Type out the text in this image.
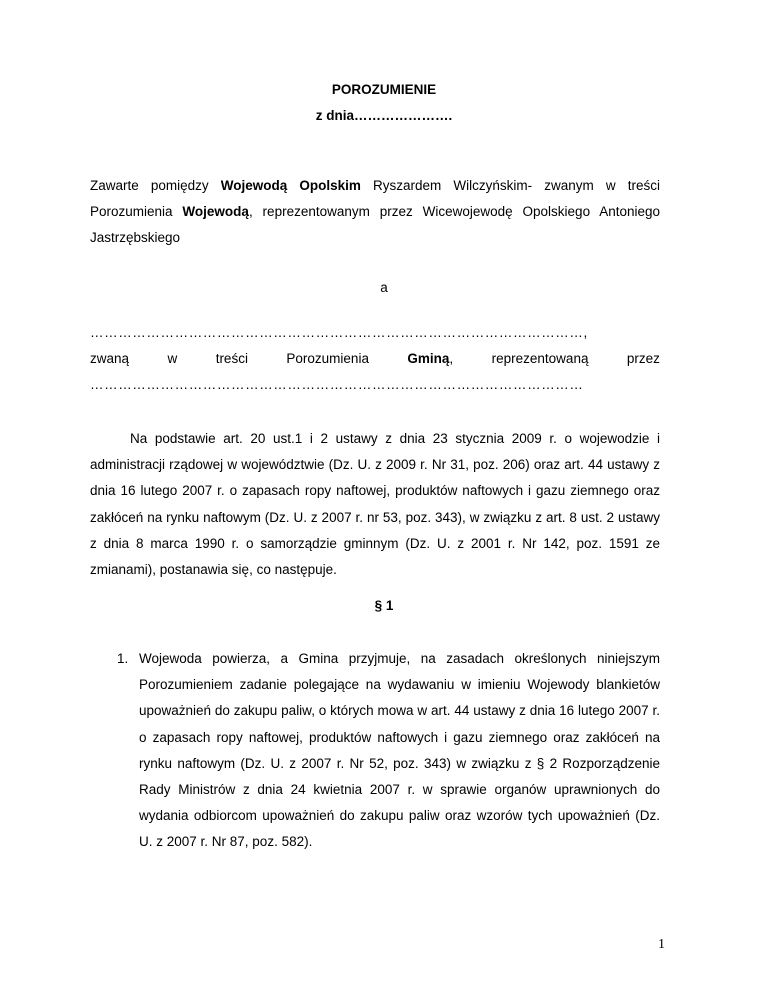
POROZUMIENIE
z dnia………………….
Zawarte pomiędzy Wojewodą Opolskim Ryszardem Wilczyńskim- zwanym w treści Porozumienia Wojewodą, reprezentowanym przez Wicewojewodę Opolskiego Antoniego Jastrzębskiego
a
……………………………………………………………………………………………,
zwaną	w	treści	Porozumienia	Gminą,	reprezentowaną	przez
……………………………………………………………………………………………
Na podstawie art. 20 ust.1 i 2 ustawy z dnia 23 stycznia 2009 r. o wojewodzie i administracji rządowej w województwie (Dz. U. z 2009 r. Nr 31, poz. 206) oraz art. 44 ustawy z dnia 16 lutego 2007 r. o zapasach ropy naftowej, produktów naftowych i gazu ziemnego oraz zakłóceń na rynku naftowym (Dz. U. z 2007 r. nr 53, poz. 343), w związku z art. 8 ust. 2 ustawy z dnia 8 marca 1990 r. o samorządzie gminnym (Dz. U. z 2001 r. Nr 142, poz. 1591 ze zmianami), postanawia się, co następuje.
§ 1
1. Wojewoda powierza, a Gmina przyjmuje, na zasadach określonych niniejszym Porozumieniem zadanie polegające na wydawaniu w imieniu Wojewody blankietów upoważnień do zakupu paliw, o których mowa w art. 44 ustawy z dnia 16 lutego 2007 r. o zapasach ropy naftowej, produktów naftowych i gazu ziemnego oraz zakłóceń na rynku naftowym (Dz. U. z 2007 r. Nr 52, poz. 343) w związku z § 2 Rozporządzenie Rady Ministrów z dnia 24 kwietnia 2007 r. w sprawie organów uprawnionych do wydania odbiorcom upoważnień do zakupu paliw oraz wzorów tych upoważnień (Dz. U. z 2007 r. Nr 87, poz. 582).
1
